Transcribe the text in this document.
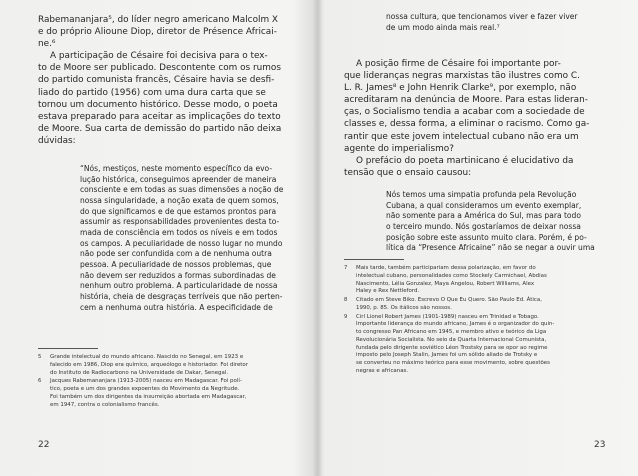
Rabemananjara⁵, do líder negro americano Malcolm X

e do próprio Alioune Diop, diretor de Présence Africai-

ne.⁶

A participação de Césaire foi decisiva para o tex-

to de Moore ser publicado. Descontente com os rumos

do partido comunista francês, Césaire havia se desfi-

liado do partido (1956) com uma dura carta que se

tornou um documento histórico. Desse modo, o poeta

estava preparado para aceitar as implicações do texto

de Moore. Sua carta de demissão do partido não deixa

dúvidas:

“Nós, mestiços, neste momento específico da evo-

lução histórica, conseguimos apreender de maneira

consciente e em todas as suas dimensões a noção de

nossa singularidade, a noção exata de quem somos,

do que significamos e de que estamos prontos para

assumir as responsabilidades provenientes desta to-

mada de consciência em todos os níveis e em todos

os campos. A peculiaridade de nosso lugar no mundo

não pode ser confundida com a de nenhuma outra

pessoa. A peculiaridade de nossos problemas, que

não devem ser reduzidos a formas subordinadas de

nenhum outro problema. A particularidade de nossa

história, cheia de desgraças terríveis que não perten-

cem a nenhuma outra história. A especificidade de

5 Grande intelectual do mundo africano. Nascido no Senegal, em 1923 e
falecido em 1986, Diop era químico, arqueólogo e historiador. Foi diretor
do Instituto de Radiocarbono na Universidade de Dakar, Senegal.
6 Jacques Rabemananjara (1913-2005) nasceu em Madagascar. Foi polí-
tico, poeta e um dos grandes expoentes do Movimento da Negritude.
Foi também um dos dirigentes da insurreição abortada em Madagascar,
em 1947, contra o colonialismo francês.
22

nossa cultura, que tencionamos viver e fazer viver

de um modo ainda mais real.⁷

A posição firme de Césaire foi importante por-

que lideranças negras marxistas tão ilustres como C.

L. R. James⁸ e John Henrik Clarke⁹, por exemplo, não

acreditaram na denúncia de Moore. Para estas lideran-

ças, o Socialismo tendia a acabar com a sociedade de

classes e, dessa forma, a eliminar o racismo. Como ga-

rantir que este jovem intelectual cubano não era um

agente do imperialismo?

O prefácio do poeta martinicano é elucidativo da

tensão que o ensaio causou:

Nós temos uma simpatia profunda pela Revolução

Cubana, a qual consideramos um evento exemplar,

não somente para a América do Sul, mas para todo

o terceiro mundo. Nós gostaríamos de deixar nossa

posição sobre este assunto muito clara. Porém, é po-

lítica da “Presence Africaine” não se negar a ouvir uma

7 Mais tarde, também participariam dessa polarização, em favor do
intelectual cubano, personalidades como Stockely Carmichael, Abdias
Nascimento, Lélia Gonzalez, Maya Angelou, Robert Williams, Alex
Haley e Rex Nettleford.
8 Citado em Steve Biko. Escrevo O Que Eu Quero. São Paulo Ed. Ática,
1990, p. 85. Os itálicos são nossos.
9 Cirl Lionel Robert James (1901-1989) nasceu em Trinidad e Tobago.
Importante liderança do mundo africano, James é o organizador do quin-
to congresso Pan Africano em 1945, e membro ativo e teórico da Liga
Revolucionária Socialista. No seio da Quarta Internacional Comunista,
fundada pelo dirigente soviético Léon Trostsky para se opor ao regime
imposto pelo Joseph Stalin, James foi um sólido aliado de Trotsky e
se converteu no máximo teórico para esse movimento, sobre questões
negras e africanas.
23
